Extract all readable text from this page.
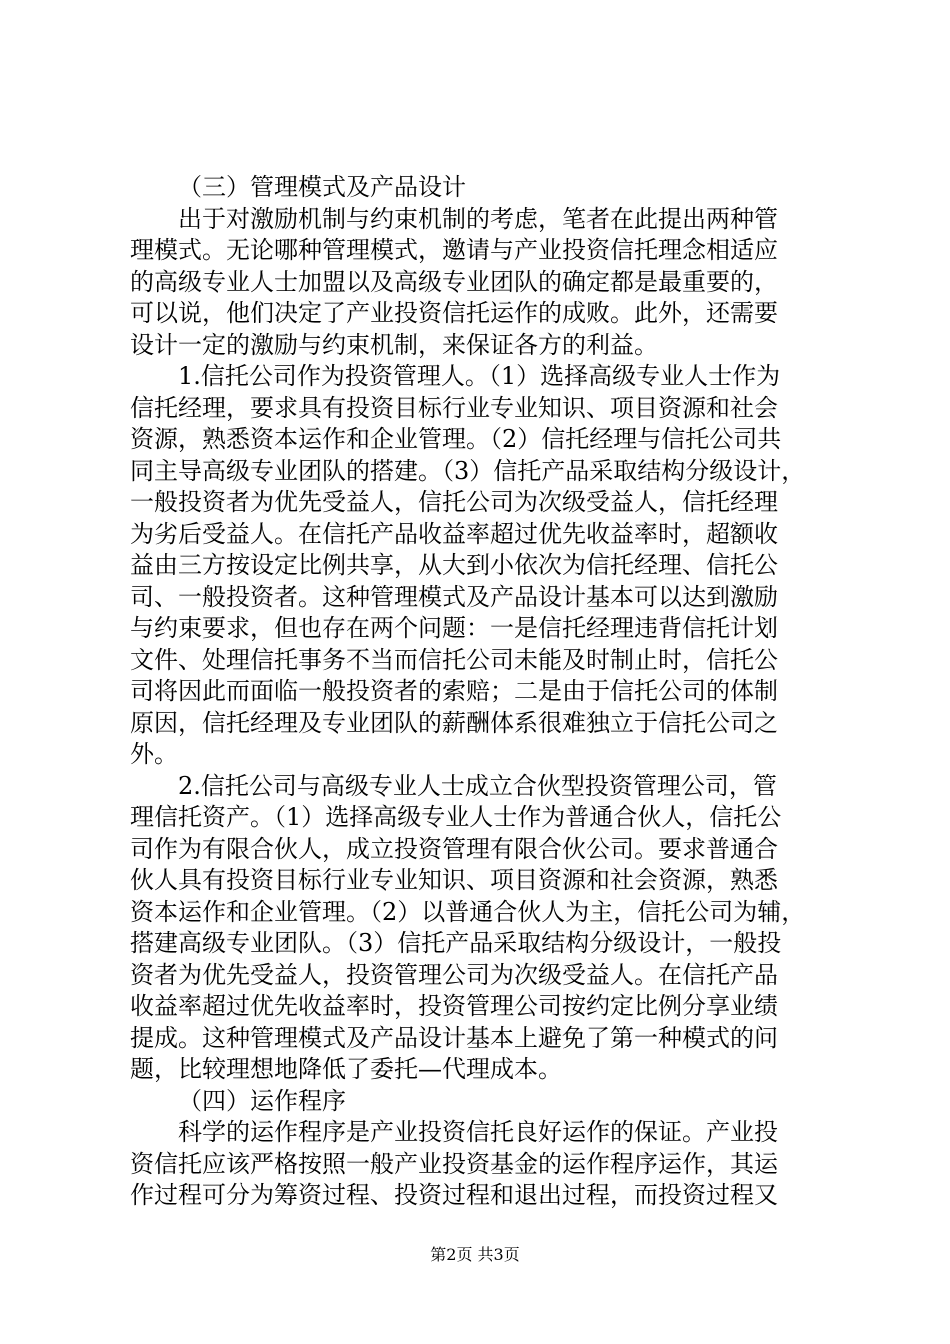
（三）管理模式及产品设计
出于对激励机制与约束机制的考虑，笔者在此提出两种管
理模式。无论哪种管理模式，邀请与产业投资信托理念相适应
的高级专业人士加盟以及高级专业团队的确定都是最重要的，
可以说，他们决定了产业投资信托运作的成败。此外，还需要
设计一定的激励与约束机制，来保证各方的利益。
1.信托公司作为投资管理人。（1）选择高级专业人士作为
信托经理，要求具有投资目标行业专业知识、项目资源和社会
资源，熟悉资本运作和企业管理。（2）信托经理与信托公司共
同主导高级专业团队的搭建。（3）信托产品采取结构分级设计，
一般投资者为优先受益人，信托公司为次级受益人，信托经理
为劣后受益人。在信托产品收益率超过优先收益率时，超额收
益由三方按设定比例共享，从大到小依次为信托经理、信托公
司、一般投资者。这种管理模式及产品设计基本可以达到激励
与约束要求，但也存在两个问题：一是信托经理违背信托计划
文件、处理信托事务不当而信托公司未能及时制止时，信托公
司将因此而面临一般投资者的索赔；二是由于信托公司的体制
原因，信托经理及专业团队的薪酬体系很难独立于信托公司之
外。
2.信托公司与高级专业人士成立合伙型投资管理公司，管
理信托资产。（1）选择高级专业人士作为普通合伙人，信托公
司作为有限合伙人，成立投资管理有限合伙公司。要求普通合
伙人具有投资目标行业专业知识、项目资源和社会资源，熟悉
资本运作和企业管理。（2）以普通合伙人为主，信托公司为辅，
搭建高级专业团队。（3）信托产品采取结构分级设计，一般投
资者为优先受益人，投资管理公司为次级受益人。在信托产品
收益率超过优先收益率时，投资管理公司按约定比例分享业绩
提成。这种管理模式及产品设计基本上避免了第一种模式的问
题，比较理想地降低了委托—代理成本。
（四）运作程序
科学的运作程序是产业投资信托良好运作的保证。产业投
资信托应该严格按照一般产业投资基金的运作程序运作，其运
作过程可分为筹资过程、投资过程和退出过程，而投资过程又
第2页 共3页
